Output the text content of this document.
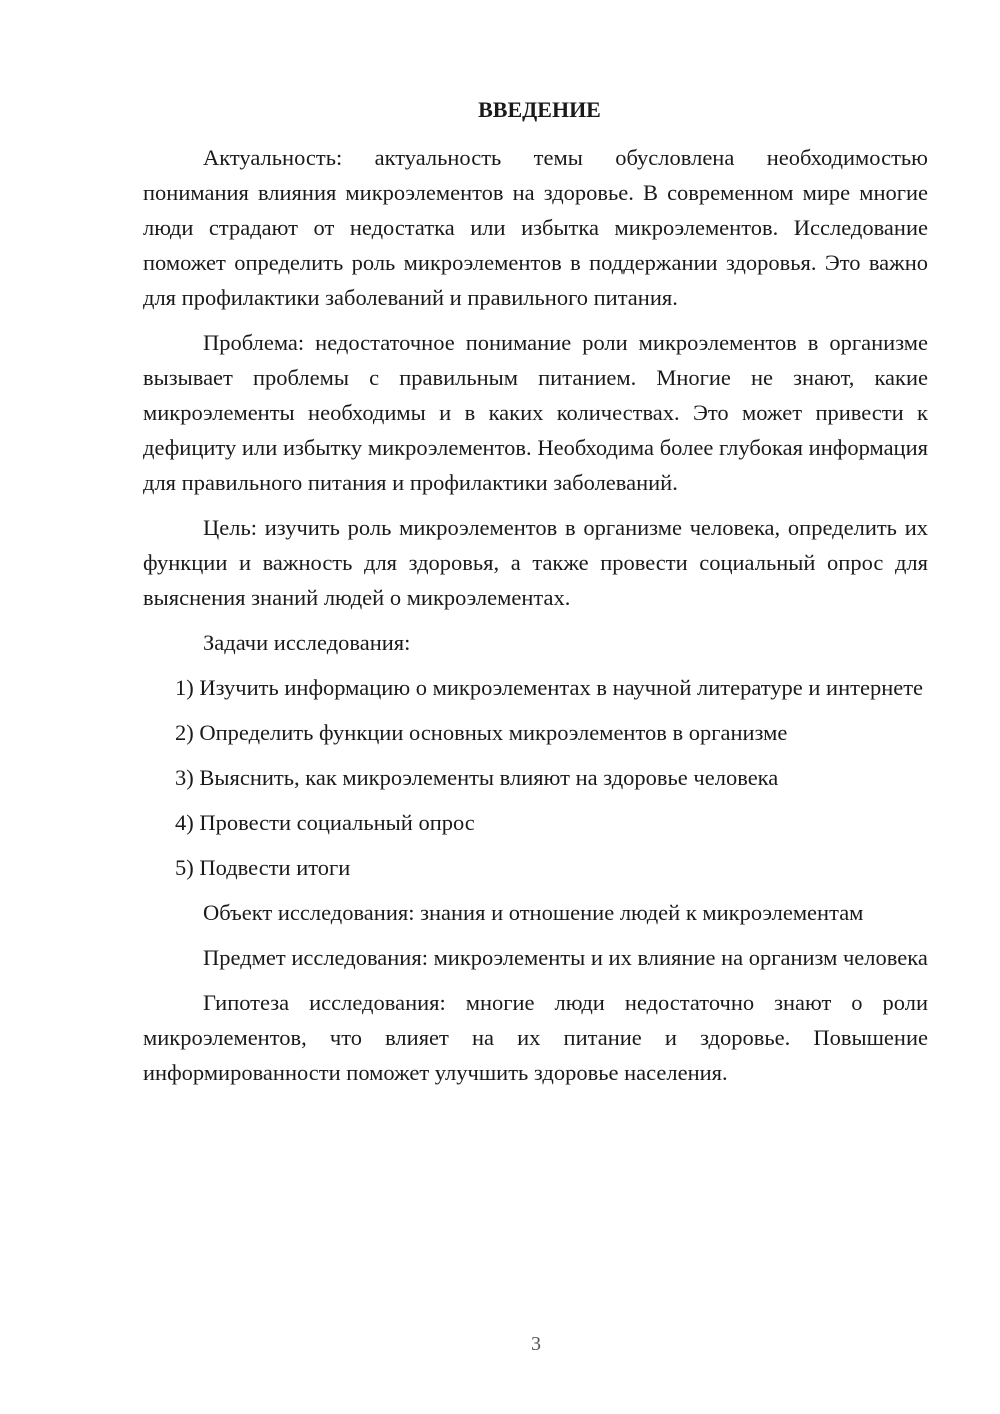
ВВЕДЕНИЕ

Актуальность: актуальность темы обусловлена необходимостью понимания влияния микроэлементов на здоровье. В современном мире многие люди страдают от недостатка или избытка микроэлементов. Исследование поможет определить роль микроэлементов в поддержании здоровья. Это важно для профилактики заболеваний и правильного питания.

Проблема: недостаточное понимание роли микроэлементов в организме вызывает проблемы с правильным питанием. Многие не знают, какие микроэлементы необходимы и в каких количествах. Это может привести к дефициту или избытку микроэлементов. Необходима более глубокая информация для правильного питания и профилактики заболеваний.

Цель: изучить роль микроэлементов в организме человека, определить их функции и важность для здоровья, а также провести социальный опрос для выяснения знаний людей о микроэлементах.

Задачи исследования:

1) Изучить информацию о микроэлементах в научной литературе и интернете

2) Определить функции основных микроэлементов в организме

3) Выяснить, как микроэлементы влияют на здоровье человека

4) Провести социальный опрос

5) Подвести итоги

Объект исследования: знания и отношение людей к микроэлементам

Предмет исследования: микроэлементы и их влияние на организм человека

Гипотеза исследования: многие люди недостаточно знают о роли микроэлементов, что влияет на их питание и здоровье. Повышение информированности поможет улучшить здоровье населения.

3
